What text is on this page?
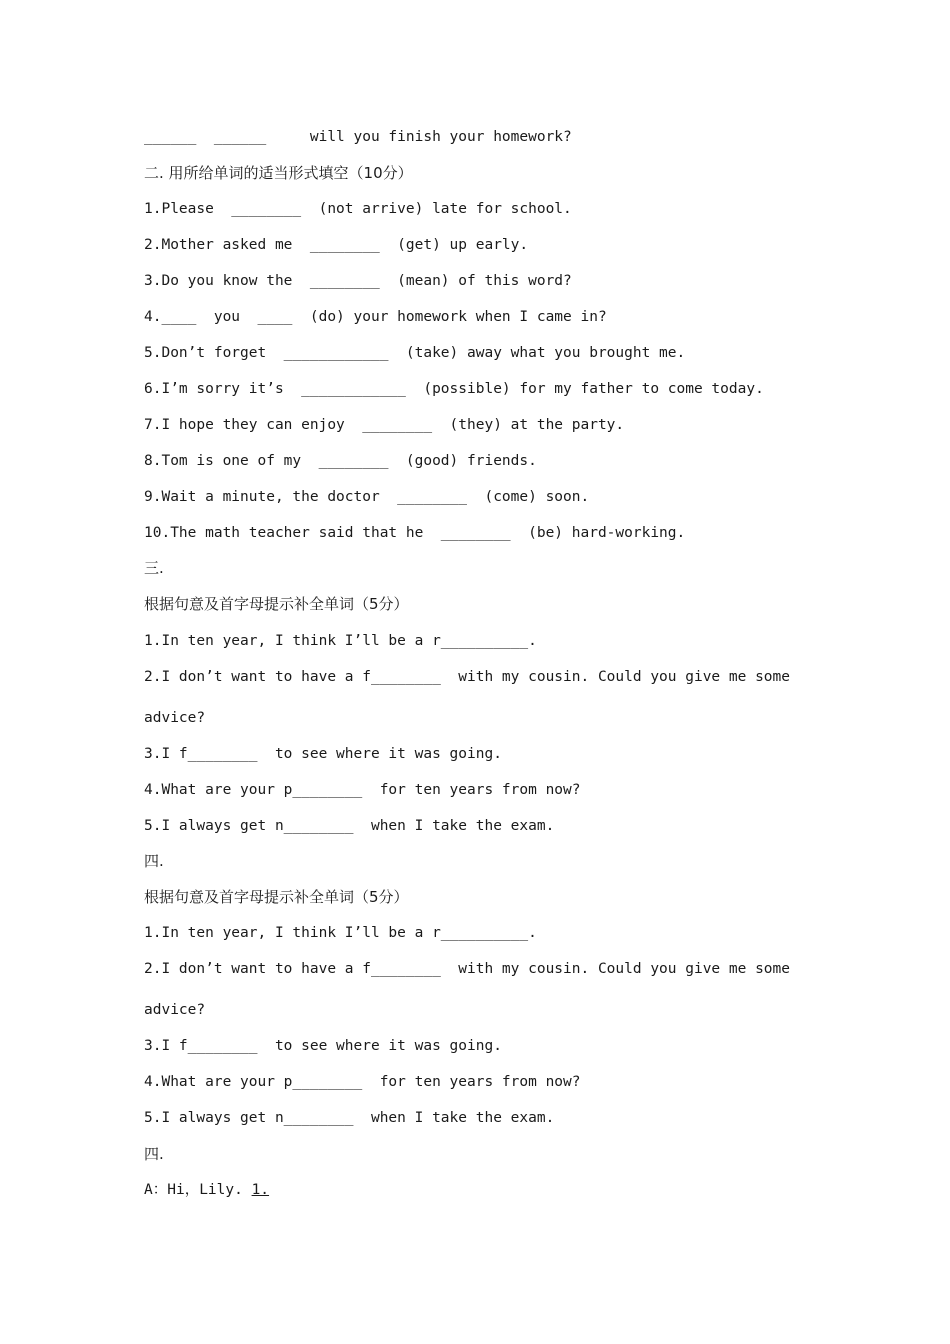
______  ______     will you finish your homework?
二. 用所给单词的适当形式填空（10分）
1.Please  ________  (not arrive) late for school.
2.Mother asked me  ________  (get) up early.
3.Do you know the  ________  (mean) of this word?
4.____  you  ____  (do) your homework when I came in?
5.Don’t forget  ____________  (take) away what you brought me.
6.I’m sorry it’s  ____________  (possible) for my father to come today.
7.I hope they can enjoy  ________  (they) at the party.
8.Tom is one of my  ________  (good) friends.
9.Wait a minute, the doctor  ________  (come) soon.
10.The math teacher said that he  ________  (be) hard-working.
三.
根据句意及首字母提示补全单词（5分）
1.In ten year, I think I’ll be a r__________.
2.I don’t want to have a f________  with my cousin. Could you give me some
advice?
3.I f________  to see where it was going.
4.What are your p________  for ten years from now?
5.I always get n________  when I take the exam.
四.
根据句意及首字母提示补全单词（5分）
1.In ten year, I think I’ll be a r__________.
2.I don’t want to have a f________  with my cousin. Could you give me some
advice?
3.I f________  to see where it was going.
4.What are your p________  for ten years from now?
5.I always get n________  when I take the exam.
四.
A：Hi，Lily. 1.
